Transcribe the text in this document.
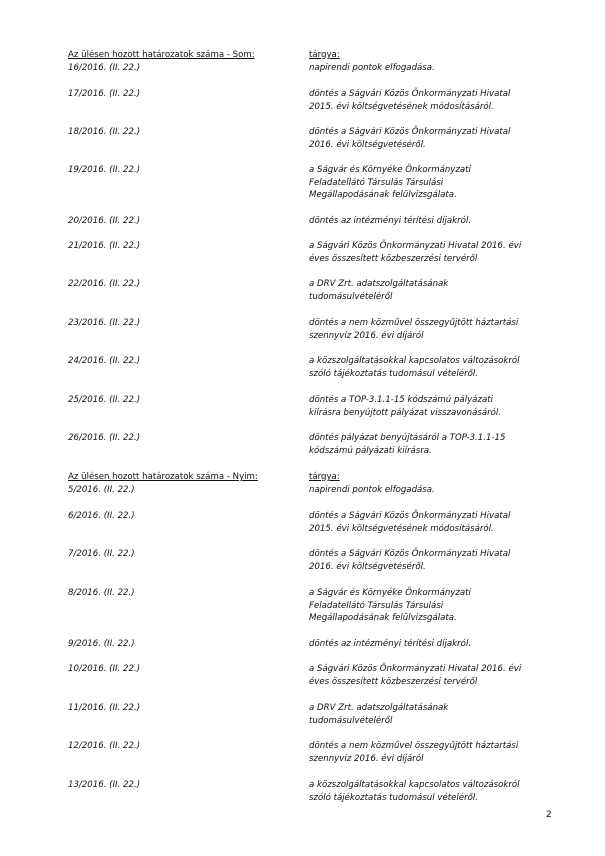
Az ülésen hozott határozatok száma - Som:	tárgya:
16/2016. (II. 22.)	napirendi pontok elfogadása.
17/2016. (II. 22.)	döntés a Ságvári Közös Önkormányzati Hivatal
2015. évi költségvetésének módosításáról.
18/2016. (II. 22.)	döntés a Ságvári Közös Önkormányzati Hivatal
2016. évi költségvetéséről.
19/2016. (II. 22.)	a Ságvár és Környéke Önkormányzati
Feladatellátó Társulás Társulási
Megállapodásának felülvizsgálata.
20/2016. (II. 22.)	döntés az intézményi térítési díjakról.
21/2016. (II. 22.)	a Ságvári Közös Önkormányzati Hivatal 2016. évi
éves összesített közbeszerzési tervéről
22/2016. (II. 22.)	a DRV Zrt. adatszolgáltatásának
tudomásulvételéről
23/2016. (II. 22.)	döntés a nem közművel összegyűjtött háztartási
szennyvíz 2016. évi díjáról
24/2016. (II. 22.)	a közszolgáltatásokkal kapcsolatos változásokról
szóló tájékoztatás tudomásul vételéről.
25/2016. (II. 22.)	döntés a TOP-3.1.1-15 kódszámú pályázati
kiírásra benyújtott pályázat visszavonásáról.
26/2016. (II. 22.)	döntés pályázat benyújtásáról a TOP-3.1.1-15
kódszámú pályázati kiírásra.
Az ülésen hozott határozatok száma - Nyim:	tárgya:
5/2016. (II. 22.)	napirendi pontok elfogadása.
6/2016. (II. 22.)	döntés a Ságvári Közös Önkormányzati Hivatal
2015. évi költségvetésének módosításáról.
7/2016. (II. 22.)	döntés a Ságvári Közös Önkormányzati Hivatal
2016. évi költségvetéséről.
8/2016. (II. 22.)	a Ságvár és Környéke Önkormányzati
Feladatellátó Társulás Társulási
Megállapodásának felülvizsgálata.
9/2016. (II. 22.)	döntés az intézményi térítési díjakról.
10/2016. (II. 22.)	a Ságvári Közös Önkormányzati Hivatal 2016. évi
éves összesített közbeszerzési tervéről
11/2016. (II. 22.)	a DRV Zrt. adatszolgáltatásának
tudomásulvételéről
12/2016. (II. 22.)	döntés a nem közművel összegyűjtött háztartási
szennyvíz 2016. évi díjáról
13/2016. (II. 22.)	a közszolgáltatásokkal kapcsolatos változásokról
szóló tájékoztatás tudomásul vételéről.
2
